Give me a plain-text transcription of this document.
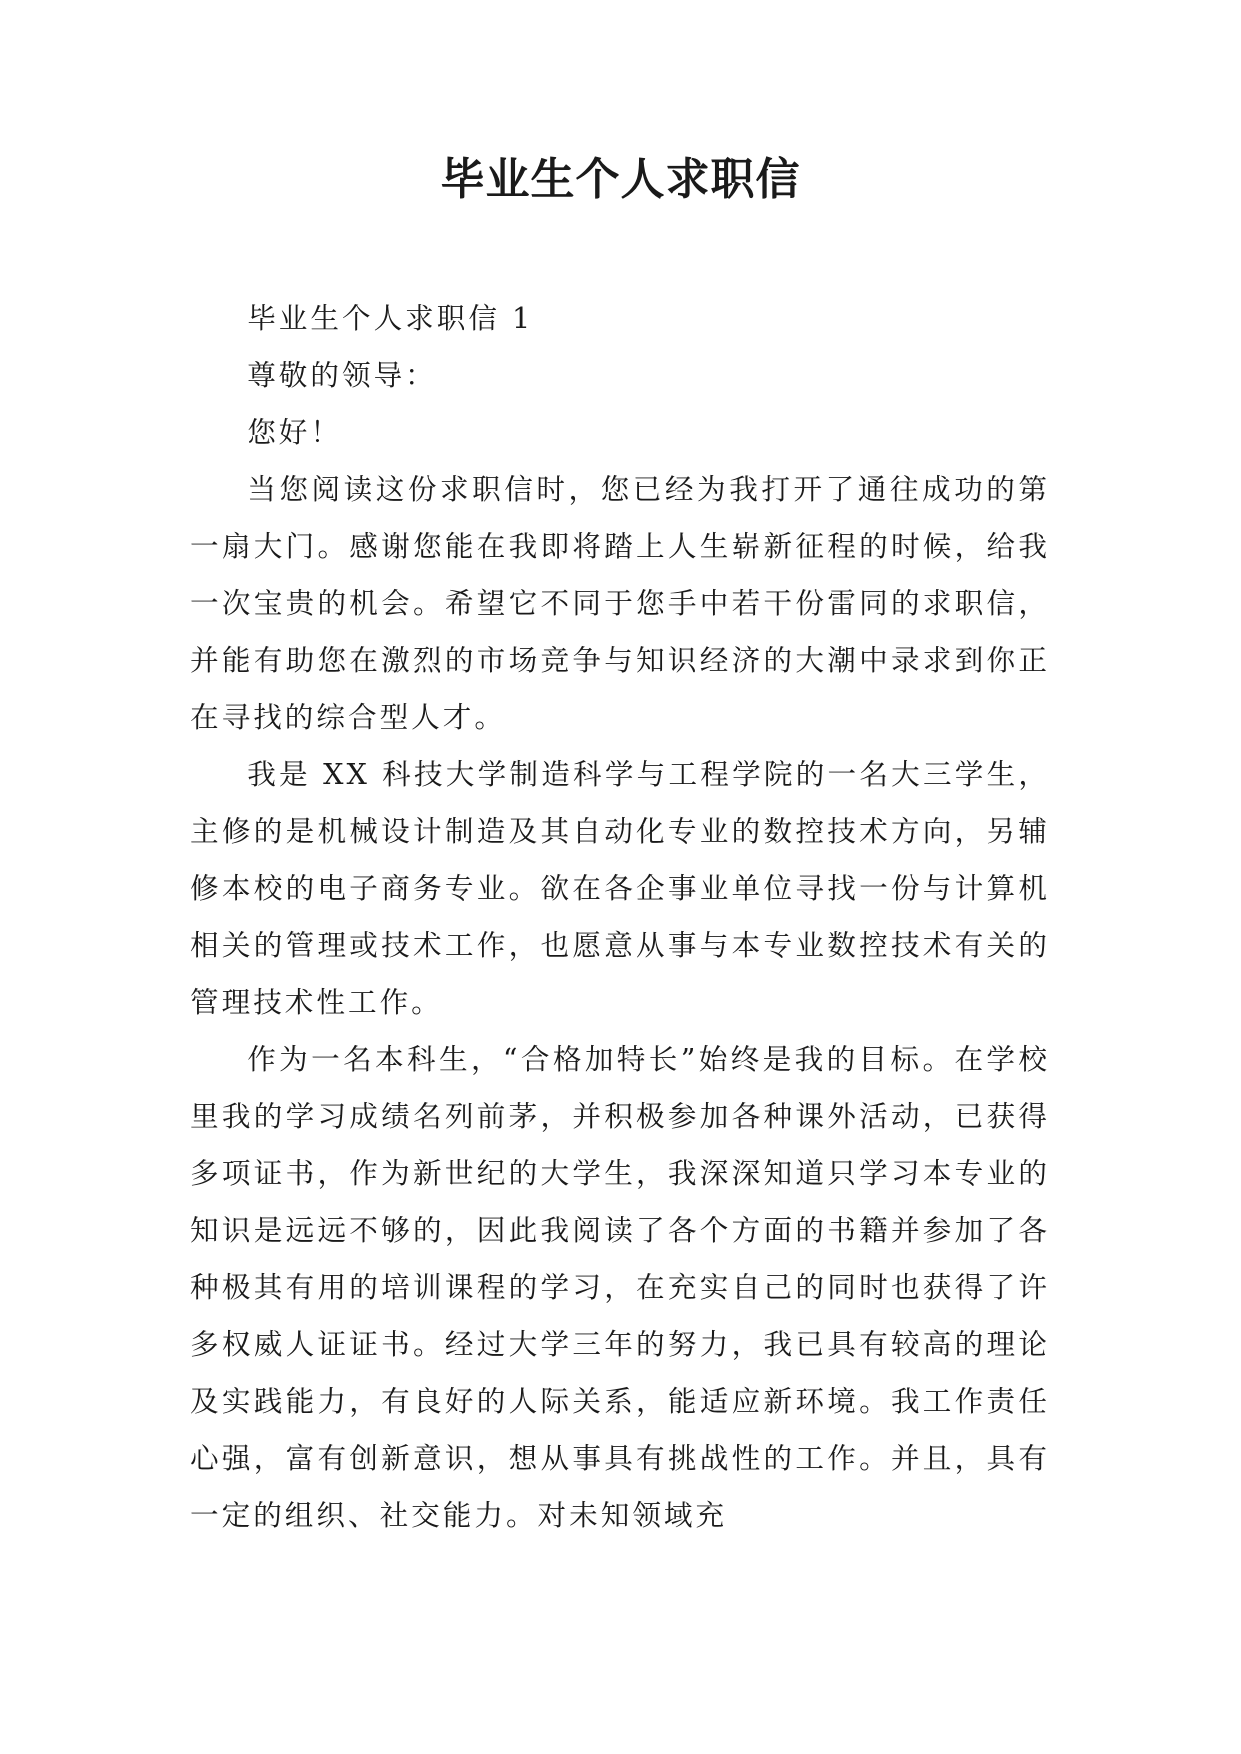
毕业生个人求职信

毕业生个人求职信 1

尊敬的领导：

您好！

当您阅读这份求职信时，您已经为我打开了通往成功的第一扇大门。感谢您能在我即将踏上人生崭新征程的时候，给我一次宝贵的机会。希望它不同于您手中若干份雷同的求职信，并能有助您在激烈的市场竞争与知识经济的大潮中录求到你正在寻找的综合型人才。

我是 XX 科技大学制造科学与工程学院的一名大三学生，主修的是机械设计制造及其自动化专业的数控技术方向，另辅修本校的电子商务专业。欲在各企事业单位寻找一份与计算机相关的管理或技术工作，也愿意从事与本专业数控技术有关的管理技术性工作。

作为一名本科生，“合格加特长”始终是我的目标。在学校里我的学习成绩名列前茅，并积极参加各种课外活动，已获得多项证书，作为新世纪的大学生，我深深知道只学习本专业的知识是远远不够的，因此我阅读了各个方面的书籍并参加了各种极其有用的培训课程的学习，在充实自己的同时也获得了许多权威人证证书。经过大学三年的努力，我已具有较高的理论及实践能力，有良好的人际关系，能适应新环境。我工作责任心强，富有创新意识，想从事具有挑战性的工作。并且，具有一定的组织、社交能力。对未知领域充
